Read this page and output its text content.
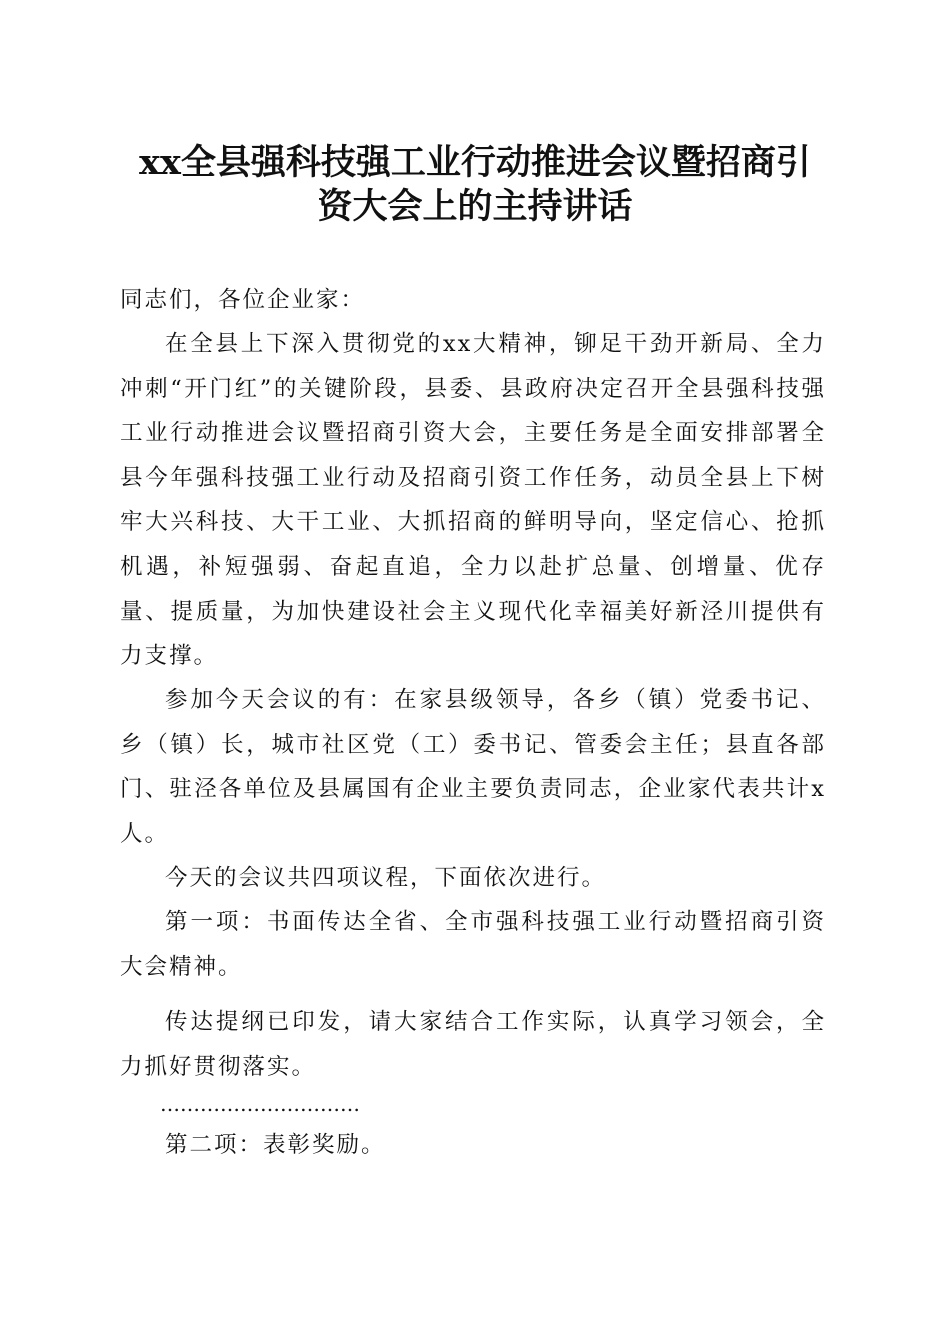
xx全县强科技强工业行动推进会议暨招商引
资大会上的主持讲话

同志们，各位企业家：

在全县上下深入贯彻党的xx大精神，铆足干劲开新局、全力冲刺“开门红”的关键阶段，县委、县政府决定召开全县强科技强工业行动推进会议暨招商引资大会，主要任务是全面安排部署全县今年强科技强工业行动及招商引资工作任务，动员全县上下树牢大兴科技、大干工业、大抓招商的鲜明导向，坚定信心、抢抓机遇，补短强弱、奋起直追，全力以赴扩总量、创增量、优存量、提质量，为加快建设社会主义现代化幸福美好新泾川提供有力支撑。

参加今天会议的有：在家县级领导，各乡（镇）党委书记、乡（镇）长，城市社区党（工）委书记、管委会主任；县直各部门、驻泾各单位及县属国有企业主要负责同志，企业家代表共计x人。

今天的会议共四项议程，下面依次进行。

第一项：书面传达全省、全市强科技强工业行动暨招商引资大会精神。

传达提纲已印发，请大家结合工作实际，认真学习领会，全力抓好贯彻落实。

…………………………

第二项：表彰奖励。
